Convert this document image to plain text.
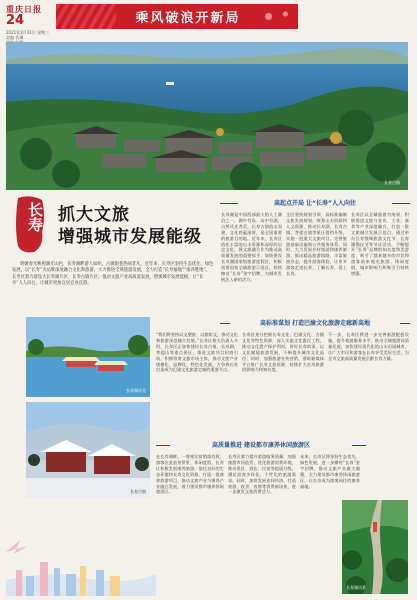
重庆日报
24
2021年3月31日 星期三
责编 若琳
乘风破浪开新局
长寿古镇
长寿 抓大文旅
增强城市发展能级
明媚春光映照湖光山色，长寿湖畔游人如织，古镇街巷热闹非凡。近年来，长寿区坚持生态优先、绿色发展，以“长寿”为品牌深度融合文化和旅游，大力推进全域旅游发展，全力打造“长寿福地”“康养胜地”。长寿区着力建设大长寿湖片区、长寿古镇片区，推动文旅产业高质量发展，增强城市发展能级，让“长寿”人人向往，让城市更加宜居宜业宜游。
高起点开局 让“长寿”人人向往
长寿湖是中国西部最大的人工湖泊之一，湖中有岛、岛中有湖，自然风光秀美。长寿古镇依山而建，文化底蕴深厚，是全国重要的旅游目的地。近年来，长寿区依托丰富的山水资源和深厚的历史文化，将文旅融合作为推动高质量发展的重要抓手，加快建设长寿湖国家级旅游度假区，积极创建国家全域旅游示范区，持续擦亮“长寿”金字招牌，为城市发展注入新的活力。
全区坚持规划引领，高标准编制文旅发展规划，统筹山水资源和人文资源，推动长寿湖、长寿古镇、菩提古镇等景区提档升级，实施一批重大文旅项目，完善旅游基础设施和公共服务体系。同时，大力发展乡村旅游和康养旅游，推出精品旅游线路，丰富旅游业态，提升游客体验，让更多游客走进长寿、了解长寿、爱上长寿。
长寿区以全域旅游为统领，积极推进文旅与农业、工业、康养等产业深度融合，打造一批文旅融合发展示范点。通过举办长寿慢城旅游文化节、长寿湖渔民节等节庆活动，不断提升“长寿”品牌的知名度和美誉度，吸引了越来越多的市民和游客前来观光旅游、休闲度假，城市影响力和吸引力持续增强。
长寿湖风光
高标准谋划 打造巴渝文化旅游走廊新高地
“我们将坚持以文塑旅、以旅彰文，推动文化和旅游深度融合发展。”长寿区相关负责人介绍，长寿区正加快建设长寿古镇、长寿湖、菩提山等重点景区，推进文旅项目招商引资，积极培育文旅市场主体，推动文旅产业规模化、品牌化、特色化发展，力争将长寿打造成为巴渝文化旅游走廊的重要节点。
长寿区充分挖掘长寿文化、巴渝文化、古镇文化等特色资源，深入实施文化惠民工程，推动文化遗产保护利用，讲好长寿故事，以文化赋能旅游发展，不断提升城市文化品位。同时，加强旅游宣传营销，借助新媒体平台推广长寿文旅资源，持续扩大长寿旅游的影响力和知名度。
下一步，长寿区将进一步完善旅游配套设施，提升旅游服务水平，推动全域旅游高质量发展，加快建设现代化的山水田园城市，让广大市民和游客在长寿享受美好生活，为全市文旅高质量发展贡献长寿力量。
长寿古镇
高质量推进 建设都市康养休闲旅游区
在长寿湖畔，一座座民宿错落有致，游客在此品茶赏景、休闲度假。长寿区积极发展康养旅游，依托良好的生态环境和长寿文化资源，打造一批康养旅游项目，推动文旅产业与康养产业融合发展，着力建设都市康养休闲旅游区。
长寿区着力提升旅游服务质量，加强旅游市场监管，优化旅游消费环境，推动景区、酒店、民宿等提质升级，满足游客多样化、个性化的旅游需求。同时，加快发展夜间经济，打造夜游、夜食、夜购等消费新场景，进一步激发文旅消费活力。
未来，长寿区将坚持生态优先、绿色发展，进一步擦亮“长寿”金字招牌，推动文旅产业做大做强，全力建设都市康养休闲旅游区，让长寿成为游客向往的康养福地。
长寿湖风景
